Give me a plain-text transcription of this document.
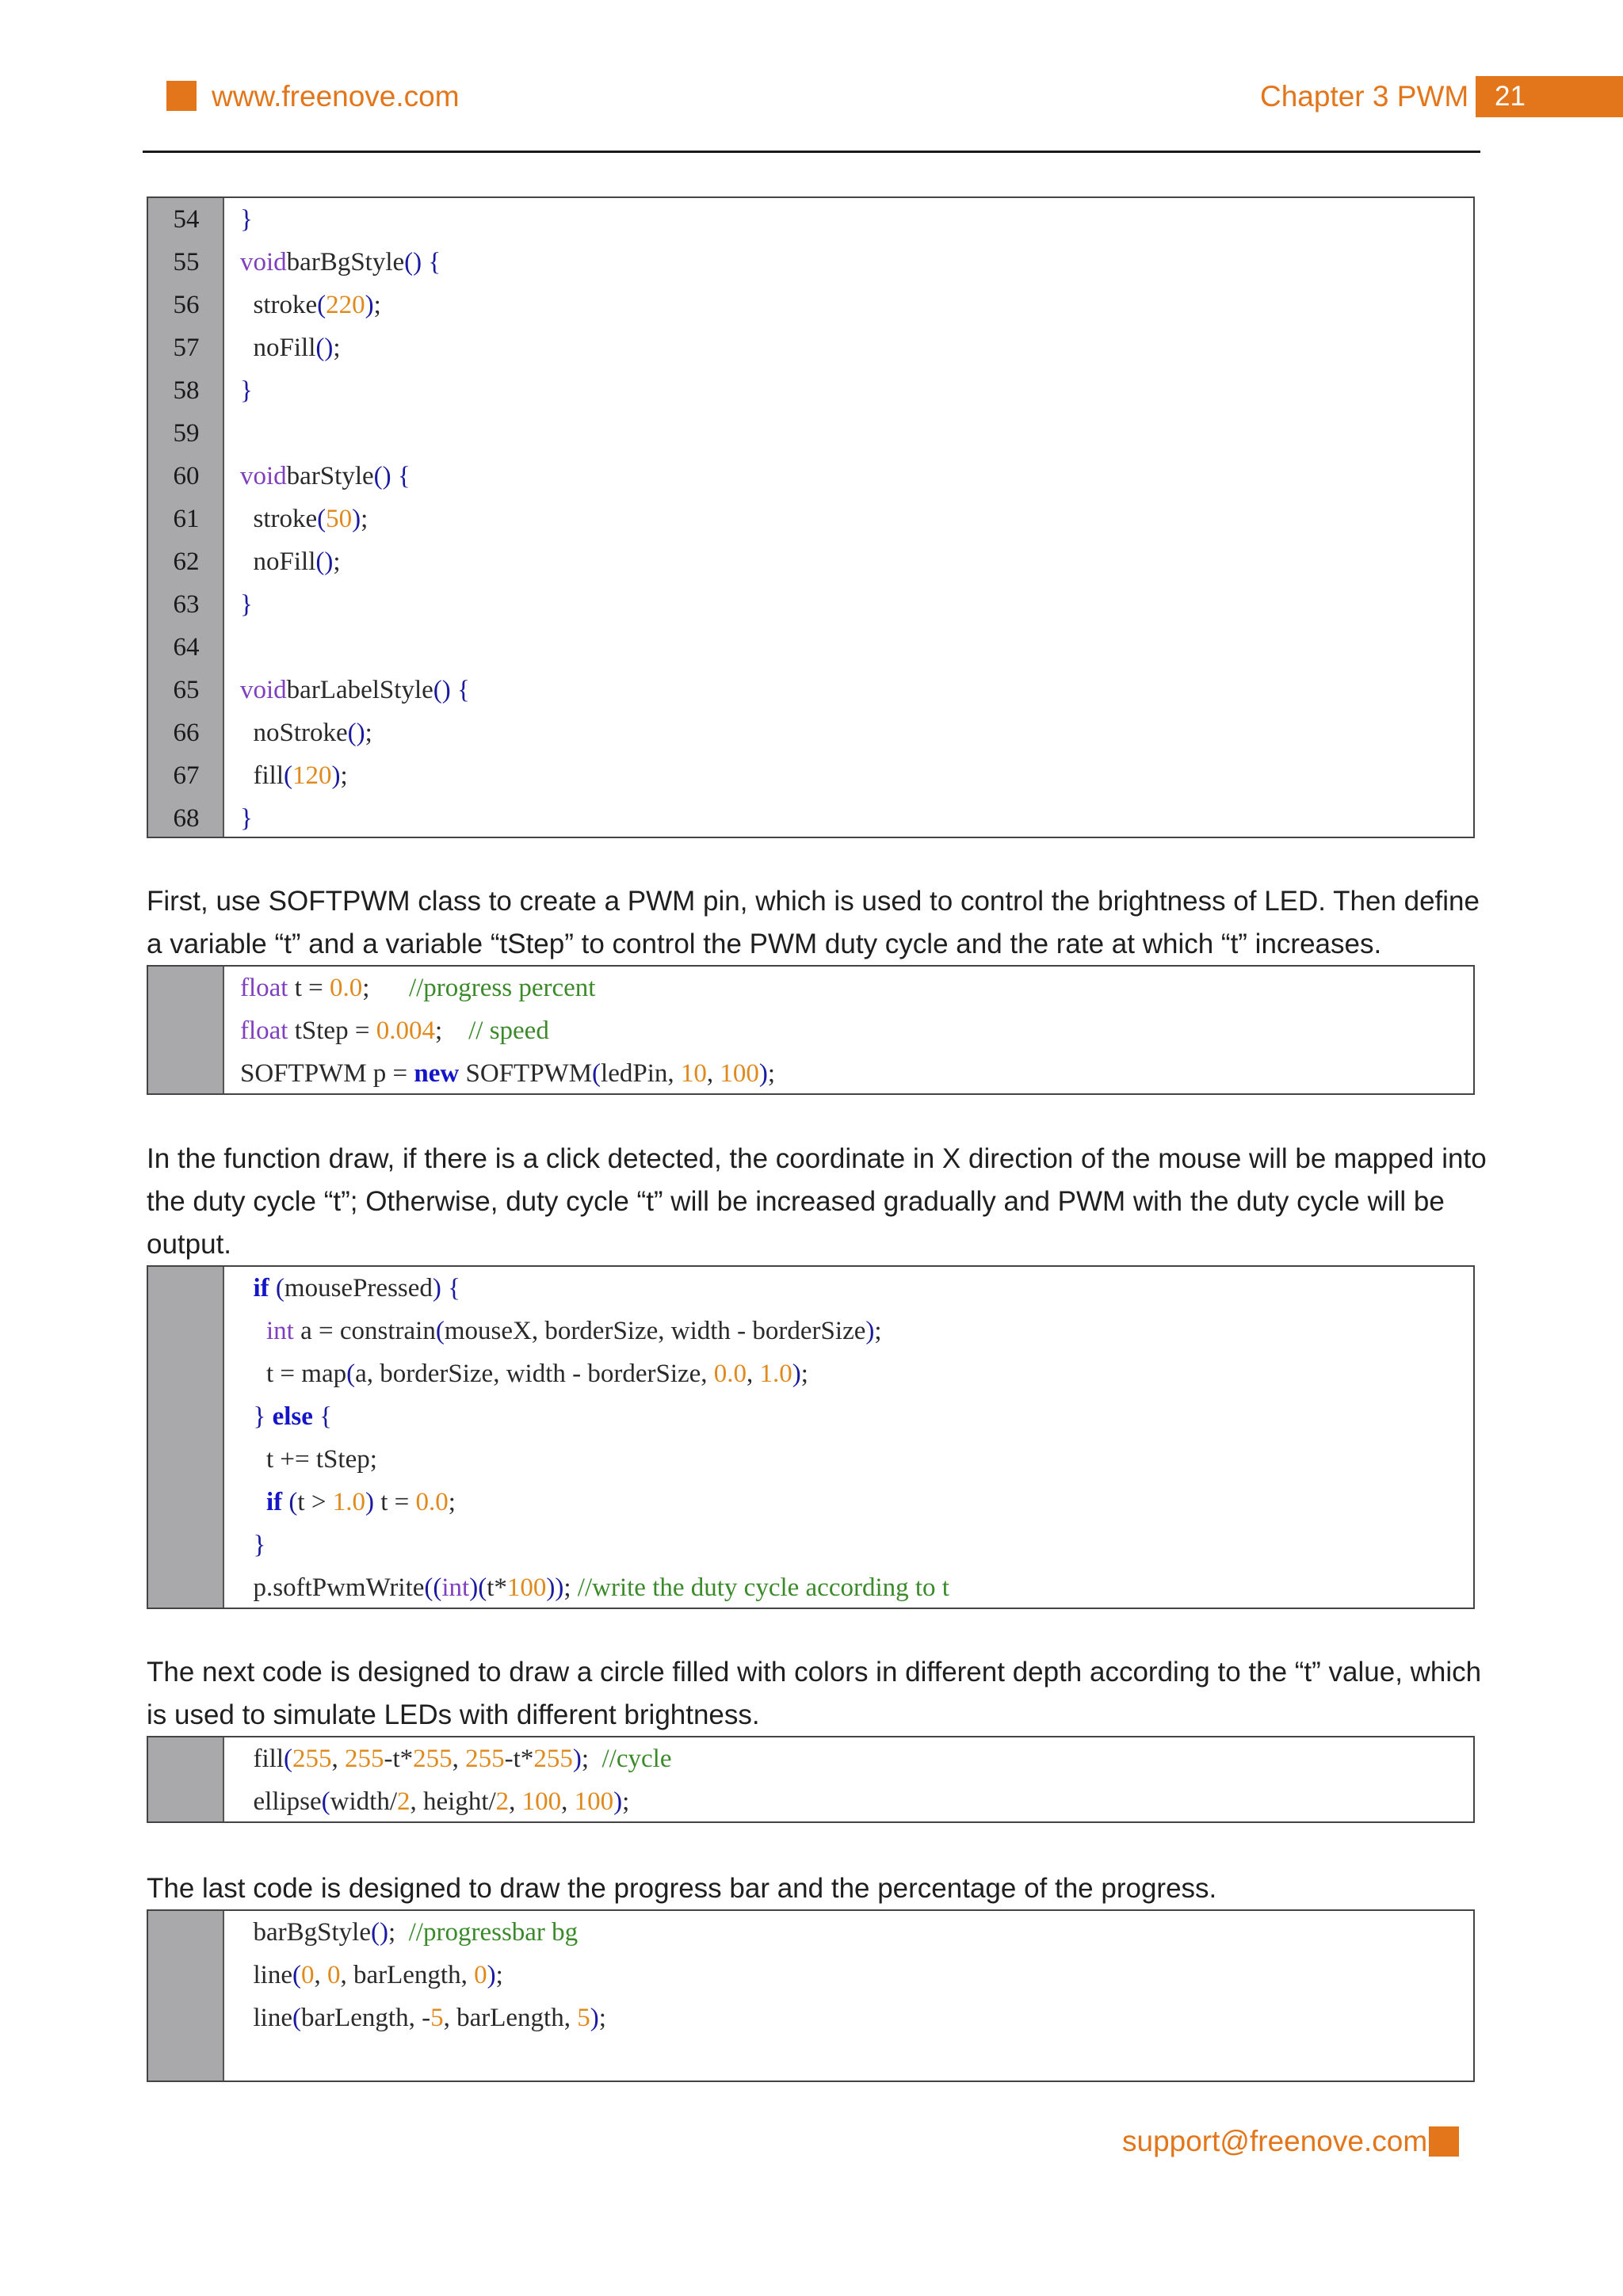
www.freenove.com	Chapter 3 PWM 21
54	}
55	voidbarBgStyle() {
56	stroke(220);
57	noFill();
58	}
59
60	voidbarStyle() {
61	stroke(50);
62	noFill();
63	}
64
65	voidbarLabelStyle() {
66	noStroke();
67	fill(120);
68	}
First, use SOFTPWM class to create a PWM pin, which is used to control the brightness of LED. Then define a variable “t” and a variable “tStep” to control the PWM duty cycle and the rate at which “t” increases.
float t = 0.0;      //progress percent
float tStep = 0.004;    // speed
SOFTPWM p = new SOFTPWM(ledPin, 10, 100);
In the function draw, if there is a click detected, the coordinate in X direction of the mouse will be mapped into the duty cycle “t”; Otherwise, duty cycle “t” will be increased gradually and PWM with the duty cycle will be output.
if (mousePressed) {
int a = constrain(mouseX, borderSize, width - borderSize);
t = map(a, borderSize, width - borderSize, 0.0, 1.0);
} else {
t += tStep;
if (t > 1.0) t = 0.0;
}
p.softPwmWrite((int)(t*100)); //write the duty cycle according to t
The next code is designed to draw a circle filled with colors in different depth according to the “t” value, which is used to simulate LEDs with different brightness.
fill(255, 255-t*255, 255-t*255);  //cycle
ellipse(width/2, height/2, 100, 100);
The last code is designed to draw the progress bar and the percentage of the progress.
barBgStyle();  //progressbar bg
line(0, 0, barLength, 0);
line(barLength, -5, barLength, 5);
support@freenove.com
